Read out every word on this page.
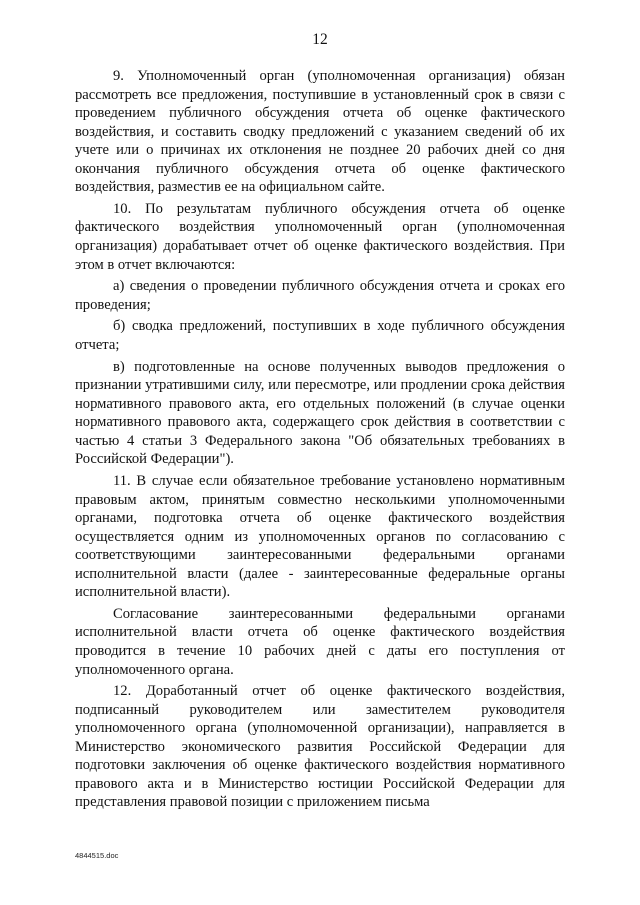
12

9. Уполномоченный орган (уполномоченная организация) обязан рассмотреть все предложения, поступившие в установленный срок в связи с проведением публичного обсуждения отчета об оценке фактического воздействия, и составить сводку предложений с указанием сведений об их учете или о причинах их отклонения не позднее 20 рабочих дней со дня окончания публичного обсуждения отчета об оценке фактического воздействия, разместив ее на официальном сайте.

10. По результатам публичного обсуждения отчета об оценке фактического воздействия уполномоченный орган (уполномоченная организация) дорабатывает отчет об оценке фактического воздействия. При этом в отчет включаются:

а) сведения о проведении публичного обсуждения отчета и сроках его проведения;

б) сводка предложений, поступивших в ходе публичного обсуждения отчета;

в) подготовленные на основе полученных выводов предложения о признании утратившими силу, или пересмотре, или продлении срока действия нормативного правового акта, его отдельных положений (в случае оценки нормативного правового акта, содержащего срок действия в соответствии с частью 4 статьи 3 Федерального закона "Об обязательных требованиях в Российской Федерации").

11. В случае если обязательное требование установлено нормативным правовым актом, принятым совместно несколькими уполномоченными органами, подготовка отчета об оценке фактического воздействия осуществляется одним из уполномоченных органов по согласованию с соответствующими заинтересованными федеральными органами исполнительной власти (далее - заинтересованные федеральные органы исполнительной власти).

Согласование заинтересованными федеральными органами исполнительной власти отчета об оценке фактического воздействия проводится в течение 10 рабочих дней с даты его поступления от уполномоченного органа.

12. Доработанный отчет об оценке фактического воздействия, подписанный руководителем или заместителем руководителя уполномоченного органа (уполномоченной организации), направляется в Министерство экономического развития Российской Федерации для подготовки заключения об оценке фактического воздействия нормативного правового акта и в Министерство юстиции Российской Федерации для представления правовой позиции с приложением письма

4844515.doc
